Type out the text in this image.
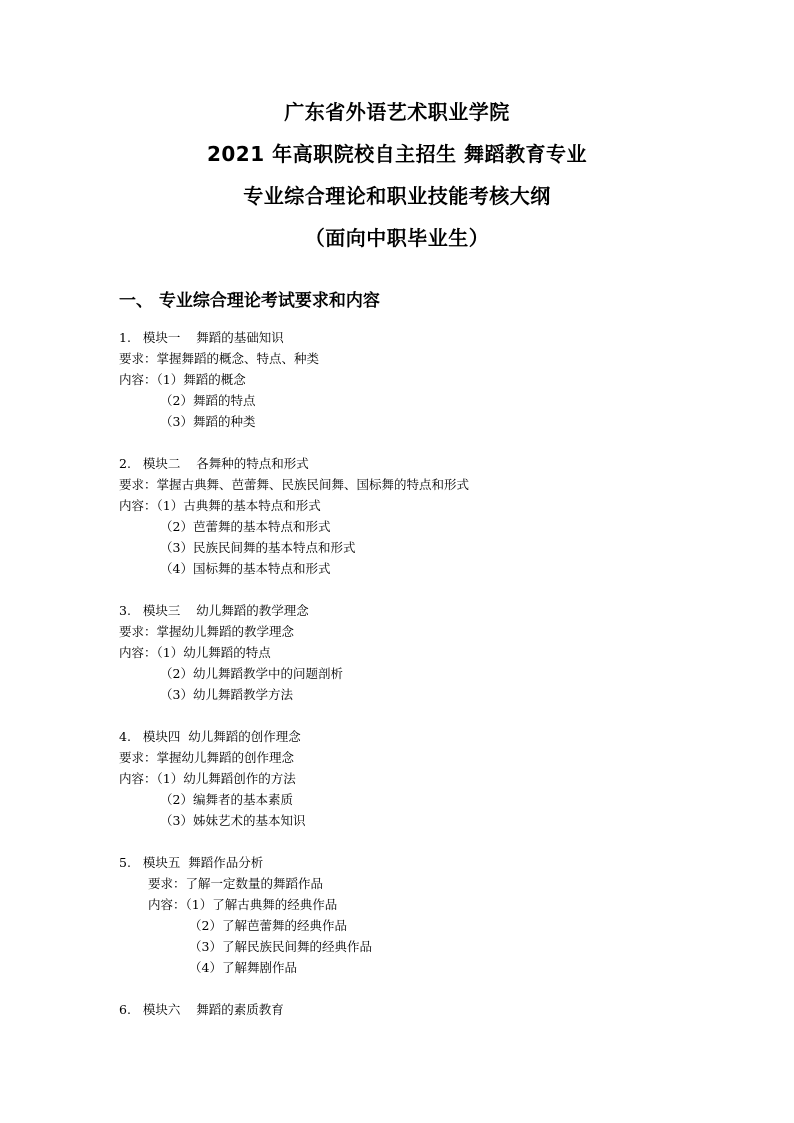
广东省外语艺术职业学院
2021 年高职院校自主招生 舞蹈教育专业
专业综合理论和职业技能考核大纲
（面向中职毕业生）
一、 专业综合理论考试要求和内容
1.   模块一    舞蹈的基础知识
要求：掌握舞蹈的概念、特点、种类
内容：（1）舞蹈的概念
（2）舞蹈的特点
（3）舞蹈的种类
2.   模块二    各舞种的特点和形式
要求：掌握古典舞、芭蕾舞、民族民间舞、国标舞的特点和形式
内容：（1）古典舞的基本特点和形式
（2）芭蕾舞的基本特点和形式
（3）民族民间舞的基本特点和形式
（4）国标舞的基本特点和形式
3.   模块三    幼儿舞蹈的教学理念
要求：掌握幼儿舞蹈的教学理念
内容：（1）幼儿舞蹈的特点
（2）幼儿舞蹈教学中的问题剖析
（3）幼儿舞蹈教学方法
4.   模块四  幼儿舞蹈的创作理念
要求：掌握幼儿舞蹈的创作理念
内容：（1）幼儿舞蹈创作的方法
（2）编舞者的基本素质
（3）姊妹艺术的基本知识
5.   模块五  舞蹈作品分析
要求：了解一定数量的舞蹈作品
内容：（1）了解古典舞的经典作品
（2）了解芭蕾舞的经典作品
（3）了解民族民间舞的经典作品
（4）了解舞剧作品
6.   模块六    舞蹈的素质教育
